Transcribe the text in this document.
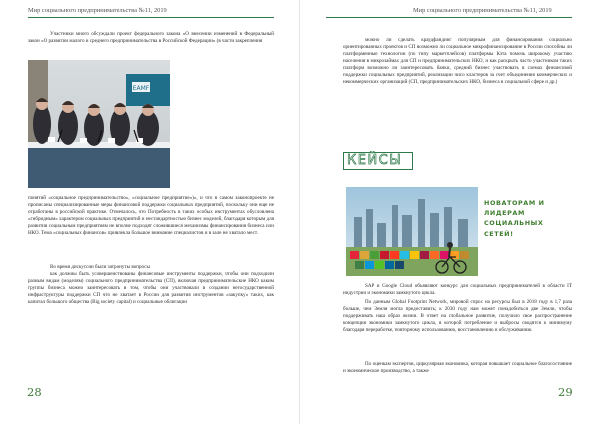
Мир социального предпринимательства №11, 2019
Участники много обсуждали проект федерального закона «О внесении изменений в Федеральный закон «О развитии малого и среднего предпринимательства в Российской Федерации» (в части закрепления
EAMF
понятий «социальное предпринимательство», «социальное предприятие»)», и что в самом законопроекте не прописаны специализированные меры финансовой поддержки социальных предприятий, поскольку они еще не отработаны в российской практике. Отмечалось, что Потребность в таких особых инструментах обусловлена «гибридным» характером социальных предприятий и нестандартностью бизнес моделей, благодаря которым для развития социальным предприятиям не вполне подходят сложившиеся механизмы финансирования бизнеса или НКО. Тема «социальных финансов» привлекла большое внимание специалистов и в зале не хватало мест.
Во время дискуссии были затронуты вопросы
как должны быть усовершенствованы финансовые инструменты поддержки, чтобы они подходили разным видам (моделям) социального предпринимательства (СП), включая предпринимательские НКО каким группы бизнеса можно заинтересовать в том, чтобы они участвовали в создании негосударственной инфраструктуры поддержки СП что не хватает в России для развития инструментов «закупку» таких, как капитал большого общества (Big society capital) и социальные облигации
28
Мир социального предпринимательства №11, 2019
можно ли сделать краудфандинг популярным для финансирования социально ориентированных проектов и СП возможно ли социальное микрофинансирование в России способны ли платформенные технологии (по типу маркетплейсов) платформы Кэта помочь широкому участию населения в микрозаймах для СП и предпринимательских НКО, и как раскрыть часто участником таких платформ возможно ли заинтересовать банки, средний бизнес участвовать в схемах финансовой поддержки социальных предприятий, реализации чисо кластеров за счет объединения коммерческих и некоммерческих организаций (СП, предпринимательских НКО, бизнеса в социальной сфере и др.)
КЕЙСЫ
НОВАТОРАМ И ЛИДЕРАМ СОЦИАЛЬНЫХ СЕТЕЙ!
SAP и Google Cloud объявляют конкурс для социальных предпринимателей в области IT индустрии и экономики замкнутого цикла.
По данным Global Footprint Network, мировой спрос на ресурсы был в 2018 году в 1,7 раза больше, чем Земля могла предоставить; к 2030 году нам может понадобиться две Земли, чтобы поддерживать наш образ жизни. В ответ на глобальное развитие, получило свое распространение концепция экономики замкнутого цикла, в которой потребление и выбросы сводятся к минимуму благодаря переработке, повторному использованию, восстановлению и обслуживанию.
По оценкам экспертов, циркулярная экономика, которая повышает социальное благосостояние и экономическое производство, а также
29
